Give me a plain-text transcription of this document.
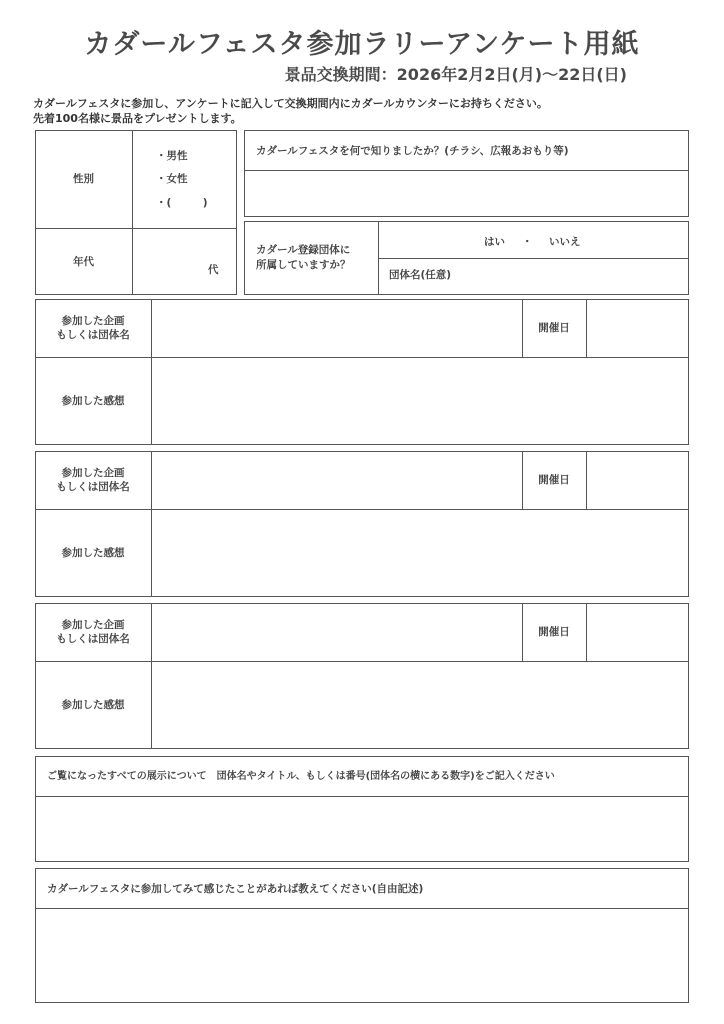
カダールフェスタ参加ラリーアンケート用紙
景品交換期間：2026年2月2日(月)〜22日(日)
カダールフェスタに参加し、アンケートに記入して交換期間内にカダールカウンターにお持ちください。
先着100名様に景品をプレゼントします。
性別
・男性
・女性
・(　　　)
年代
代
カダールフェスタを何で知りましたか？(チラシ、広報あおもり等)
カダール登録団体に
所属していますか？
はい ・ いいえ
団体名(任意)
参加した企画
もしくは団体名
開催日
参加した感想
参加した企画
もしくは団体名
開催日
参加した感想
参加した企画
もしくは団体名
開催日
参加した感想
ご覧になったすべての展示について　団体名やタイトル、もしくは番号(団体名の横にある数字)をご記入ください
カダールフェスタに参加してみて感じたことがあれば教えてください(自由記述)
